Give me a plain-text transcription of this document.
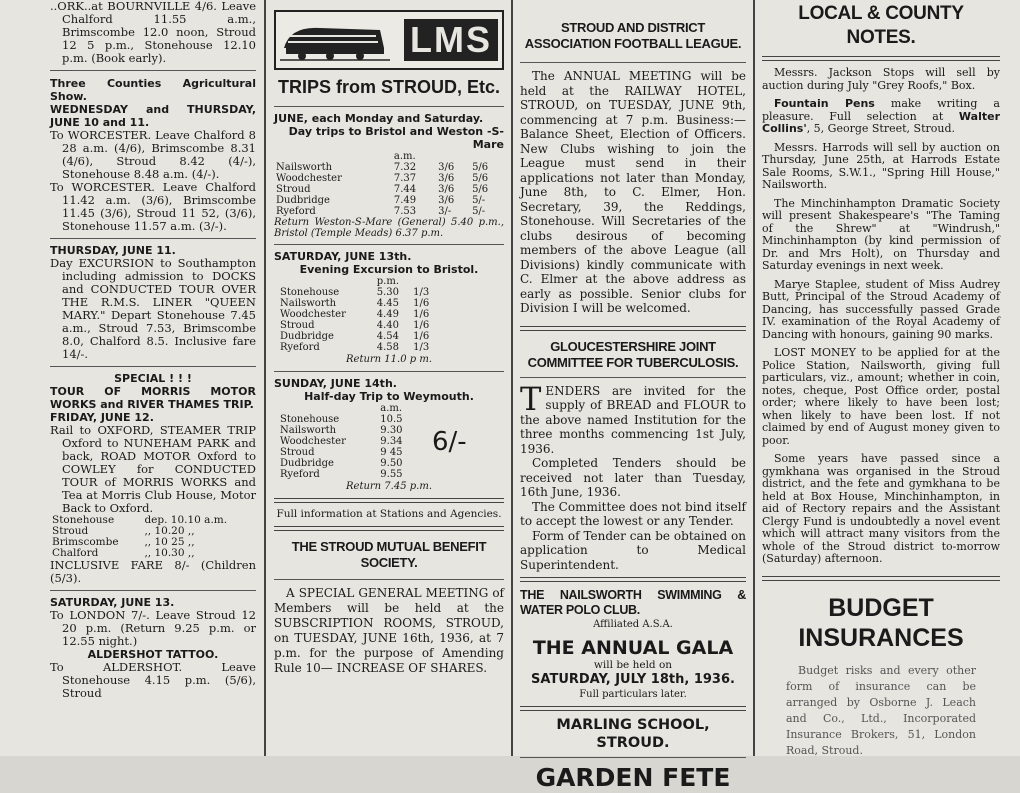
..ORK..at BOURNVILLE 4/6. Leave Chalford 11.55 a.m., Brimscombe 12.0 noon, Stroud 12 5 p.m., Stonehouse 12.10 p.m. (Book early).

Three Counties Agricultural Show.

WEDNESDAY and THURSDAY, JUNE 10 and 11.

To WORCESTER. Leave Chalford 8 28 a.m. (4/6), Brimscombe 8.31 (4/6), Stroud 8.42 (4/-), Stonehouse 8.48 a.m. (4/-).

To WORCESTER. Leave Chalford 11.42 a.m. (3/6), Brimscombe 11.45 (3/6), Stroud 11 52, (3/6), Stonehouse 11.57 a.m. (3/-).

THURSDAY, JUNE 11.

Day EXCURSION to Southampton including admission to DOCKS and CONDUCTED TOUR OVER THE R.M.S. LINER "QUEEN MARY." Depart Stonehouse 7.45 a.m., Stroud 7.53, Brimscombe 8.0, Chalford 8.5. Inclusive fare 14/-.

SPECIAL ! ! !

TOUR OF MORRIS MOTOR WORKS and RIVER THAMES TRIP.

FRIDAY, JUNE 12.

Rail to OXFORD, STEAMER TRIP Oxford to NUNEHAM PARK and back, ROAD MOTOR Oxford to COWLEY for CONDUCTED TOUR of MORRIS WORKS and Tea at Morris Club House, Motor Back to Oxford.

Stonehouse	dep. 10.10 a.m.
Stroud	,, 10.20 ,,
Brimscombe	,, 10 25 ,,
Chalford	,, 10.30 ,,

INCLUSIVE FARE 8/- (Children (5/3).

SATURDAY, JUNE 13.

To LONDON 7/-. Leave Stroud 12 20 p.m. (Return 9.25 p.m. or 12.55 night.)

ALDERSHOT TATTOO.

To ALDERSHOT. Leave Stonehouse 4.15 p.m. (5/6), Stroud

LMS

TRIPS from STROUD, Etc.

JUNE, each Monday and Saturday.

Day trips to Bristol and Weston -S-Mare

	a.m.		
Nailsworth	7.32	3/6	5/6
Woodchester	7.37	3/6	5/6
Stroud	7.44	3/6	5/6
Dudbridge	7.49	3/6	5/-
Ryeford	7.53	3/-	5/-

Return Weston-S-Mare (General) 5.40 p.m., Bristol (Temple Meads) 6.37 p.m.

SATURDAY, JUNE 13th.

Evening Excursion to Bristol.

	p.m.	
Stonehouse	5.30	1/3
Nailsworth	4.45	1/6
Woodchester	4.49	1/6
Stroud	4.40	1/6
Dudbridge	4.54	1/6
Ryeford	4.58	1/3

Return 11.0 p m.

SUNDAY, JUNE 14th.

Half-day Trip to Weymouth.

	a.m.
Stonehouse	10.5
Nailsworth	9.30
Woodchester	9.34
Stroud	9 45
Dudbridge	9.50
Ryeford	9.55
6/-

Return 7.45 p.m.

Full information at Stations and Agencies.

THE STROUD MUTUAL BENEFIT SOCIETY.

A SPECIAL GENERAL MEETING of Members will be held at the SUBSCRIPTION ROOMS, STROUD, on TUESDAY, JUNE 16th, 1936, at 7 p.m. for the purpose of Amending Rule 10— INCREASE OF SHARES.

STROUD AND DISTRICT ASSOCIATION FOOTBALL LEAGUE.

The ANNUAL MEETING will be held at the RAILWAY HOTEL, STROUD, on TUESDAY, JUNE 9th, commencing at 7 p.m. Business:— Balance Sheet, Election of Officers. New Clubs wishing to join the League must send in their applications not later than Monday, June 8th, to C. Elmer, Hon. Secretary, 39, the Reddings, Stonehouse. Will Secretaries of the clubs desirous of becoming members of the above League (all Divisions) kindly communicate with C. Elmer at the above address as early as possible. Senior clubs for Division I will be welcomed.

GLOUCESTERSHIRE JOINT COMMITTEE FOR TUBERCULOSIS.

TENDERS are invited for the supply of BREAD and FLOUR to the above named Institution for the three months commencing 1st July, 1936.

Completed Tenders should be received not later than Tuesday, 16th June, 1936.

The Committee does not bind itself to accept the lowest or any Tender.

Form of Tender can be obtained on application to Medical Superintendent.

THE NAILSWORTH SWIMMING & WATER POLO CLUB.

Affiliated A.S.A.

THE ANNUAL GALA

will be held on

SATURDAY, JULY 18th, 1936.

Full particulars later.

MARLING SCHOOL, STROUD.

GARDEN FETE

LOCAL & COUNTY NOTES.

Messrs. Jackson Stops will sell by auction during July "Grey Roofs," Box.

Fountain Pens make writing a pleasure. Full selection at Walter Collins', 5, George Street, Stroud.

Messrs. Harrods will sell by auction on Thursday, June 25th, at Harrods Estate Sale Rooms, S.W.1., "Spring Hill House," Nailsworth.

The Minchinhampton Dramatic Society will present Shakespeare's "The Taming of the Shrew" at "Windrush," Minchinhampton (by kind permission of Dr. and Mrs Holt), on Thursday and Saturday evenings in next week.

Marye Staplee, student of Miss Audrey Butt, Principal of the Stroud Academy of Dancing, has successfully passed Grade IV. examination of the Royal Academy of Dancing with honours, gaining 90 marks.

LOST MONEY to be applied for at the Police Station, Nailsworth, giving full particulars, viz., amount; whether in coin, notes, cheque, Post Office order, postal order; where likely to have been lost; when likely to have been lost. If not claimed by end of August money given to poor.

Some years have passed since a gymkhana was organised in the Stroud district, and the fete and gymkhana to be held at Box House, Minchinhampton, in aid of Rectory repairs and the Assistant Clergy Fund is undoubtedly a novel event which will attract many visitors from the whole of the Stroud district to-morrow (Saturday) afternoon.

BUDGET INSURANCES

Budget risks and every other form of insurance can be arranged by Osborne J. Leach and Co., Ltd., Incorporated Insurance Brokers, 51, London Road, Stroud.
